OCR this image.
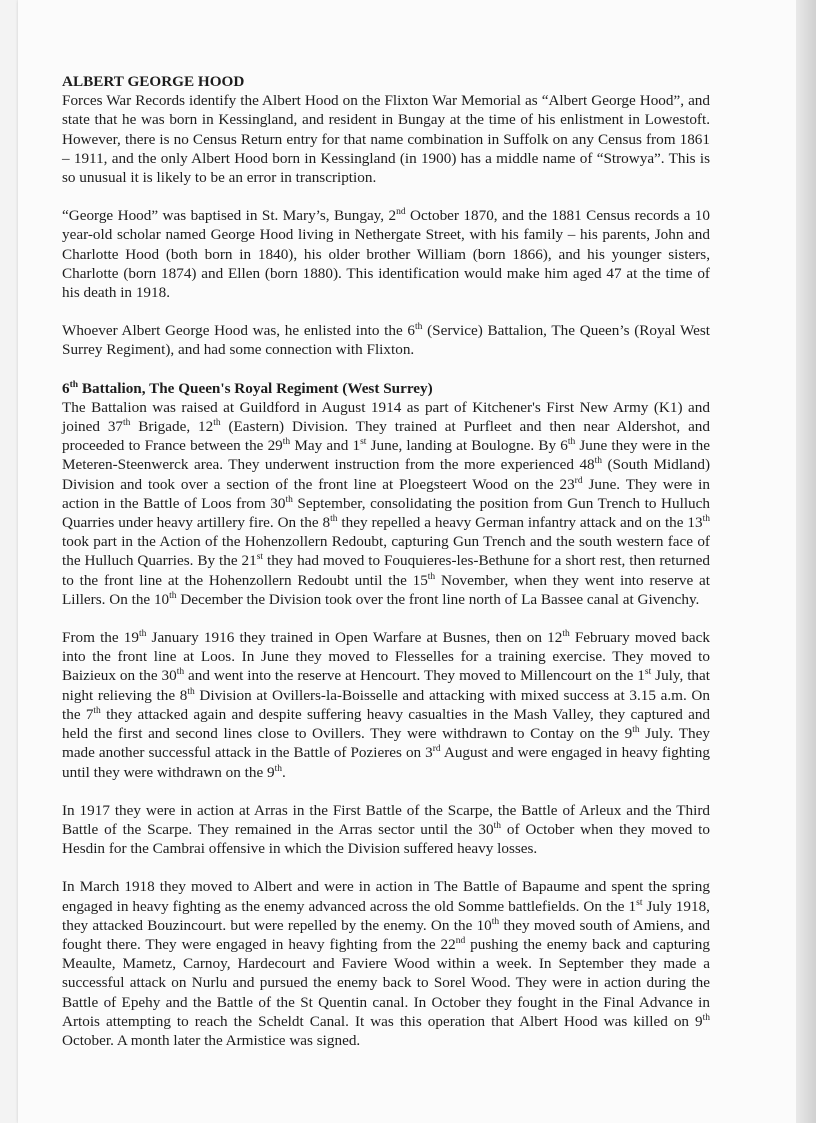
ALBERT GEORGE HOOD

Forces War Records identify the Albert Hood on the Flixton War Memorial as “Albert George Hood”, and state that he was born in Kessingland, and resident in Bungay at the time of his enlistment in Lowestoft. However, there is no Census Return entry for that name combination in Suffolk on any Census from 1861 – 1911, and the only Albert Hood born in Kessingland (in 1900) has a middle name of “Strowya”. This is so unusual it is likely to be an error in transcription.

“George Hood” was baptised in St. Mary’s, Bungay, 2nd October 1870, and the 1881 Census records a 10 year-old scholar named George Hood living in Nethergate Street, with his family – his parents, John and Charlotte Hood (both born in 1840), his older brother William (born 1866), and his younger sisters, Charlotte (born 1874) and Ellen (born 1880). This identification would make him aged 47 at the time of his death in 1918.

Whoever Albert George Hood was, he enlisted into the 6th (Service) Battalion, The Queen’s (Royal West Surrey Regiment), and had some connection with Flixton.

6th Battalion, The Queen's Royal Regiment (West Surrey)

The Battalion was raised at Guildford in August 1914 as part of Kitchener's First New Army (K1) and joined 37th Brigade, 12th (Eastern) Division. They trained at Purfleet and then near Aldershot, and proceeded to France between the 29th May and 1st June, landing at Boulogne. By 6th June they were in the Meteren-Steenwerck area. They underwent instruction from the more experienced 48th (South Midland) Division and took over a section of the front line at Ploegsteert Wood on the 23rd June. They were in action in the Battle of Loos from 30th September, consolidating the position from Gun Trench to Hulluch Quarries under heavy artillery fire. On the 8th they repelled a heavy German infantry attack and on the 13th took part in the Action of the Hohenzollern Redoubt, capturing Gun Trench and the south western face of the Hulluch Quarries. By the 21st they had moved to Fouquieres-les-Bethune for a short rest, then returned to the front line at the Hohenzollern Redoubt until the 15th November, when they went into reserve at Lillers. On the 10th December the Division took over the front line north of La Bassee canal at Givenchy.

From the 19th January 1916 they trained in Open Warfare at Busnes, then on 12th February moved back into the front line at Loos. In June they moved to Flesselles for a training exercise. They moved to Baizieux on the 30th and went into the reserve at Hencourt. They moved to Millencourt on the 1st July, that night relieving the 8th Division at Ovillers-la-Boisselle and attacking with mixed success at 3.15 a.m. On the 7th they attacked again and despite suffering heavy casualties in the Mash Valley, they captured and held the first and second lines close to Ovillers. They were withdrawn to Contay on the 9th July. They made another successful attack in the Battle of Pozieres on 3rd August and were engaged in heavy fighting until they were withdrawn on the 9th.

In 1917 they were in action at Arras in the First Battle of the Scarpe, the Battle of Arleux and the Third Battle of the Scarpe. They remained in the Arras sector until the 30th of October when they moved to Hesdin for the Cambrai offensive in which the Division suffered heavy losses.

In March 1918 they moved to Albert and were in action in The Battle of Bapaume and spent the spring engaged in heavy fighting as the enemy advanced across the old Somme battlefields. On the 1st July 1918, they attacked Bouzincourt. but were repelled by the enemy. On the 10th they moved south of Amiens, and fought there. They were engaged in heavy fighting from the 22nd pushing the enemy back and capturing Meaulte, Mametz, Carnoy, Hardecourt and Faviere Wood within a week. In September they made a successful attack on Nurlu and pursued the enemy back to Sorel Wood. They were in action during the Battle of Epehy and the Battle of the St Quentin canal. In October they fought in the Final Advance in Artois attempting to reach the Scheldt Canal. It was this operation that Albert Hood was killed on 9th October. A month later the Armistice was signed.
